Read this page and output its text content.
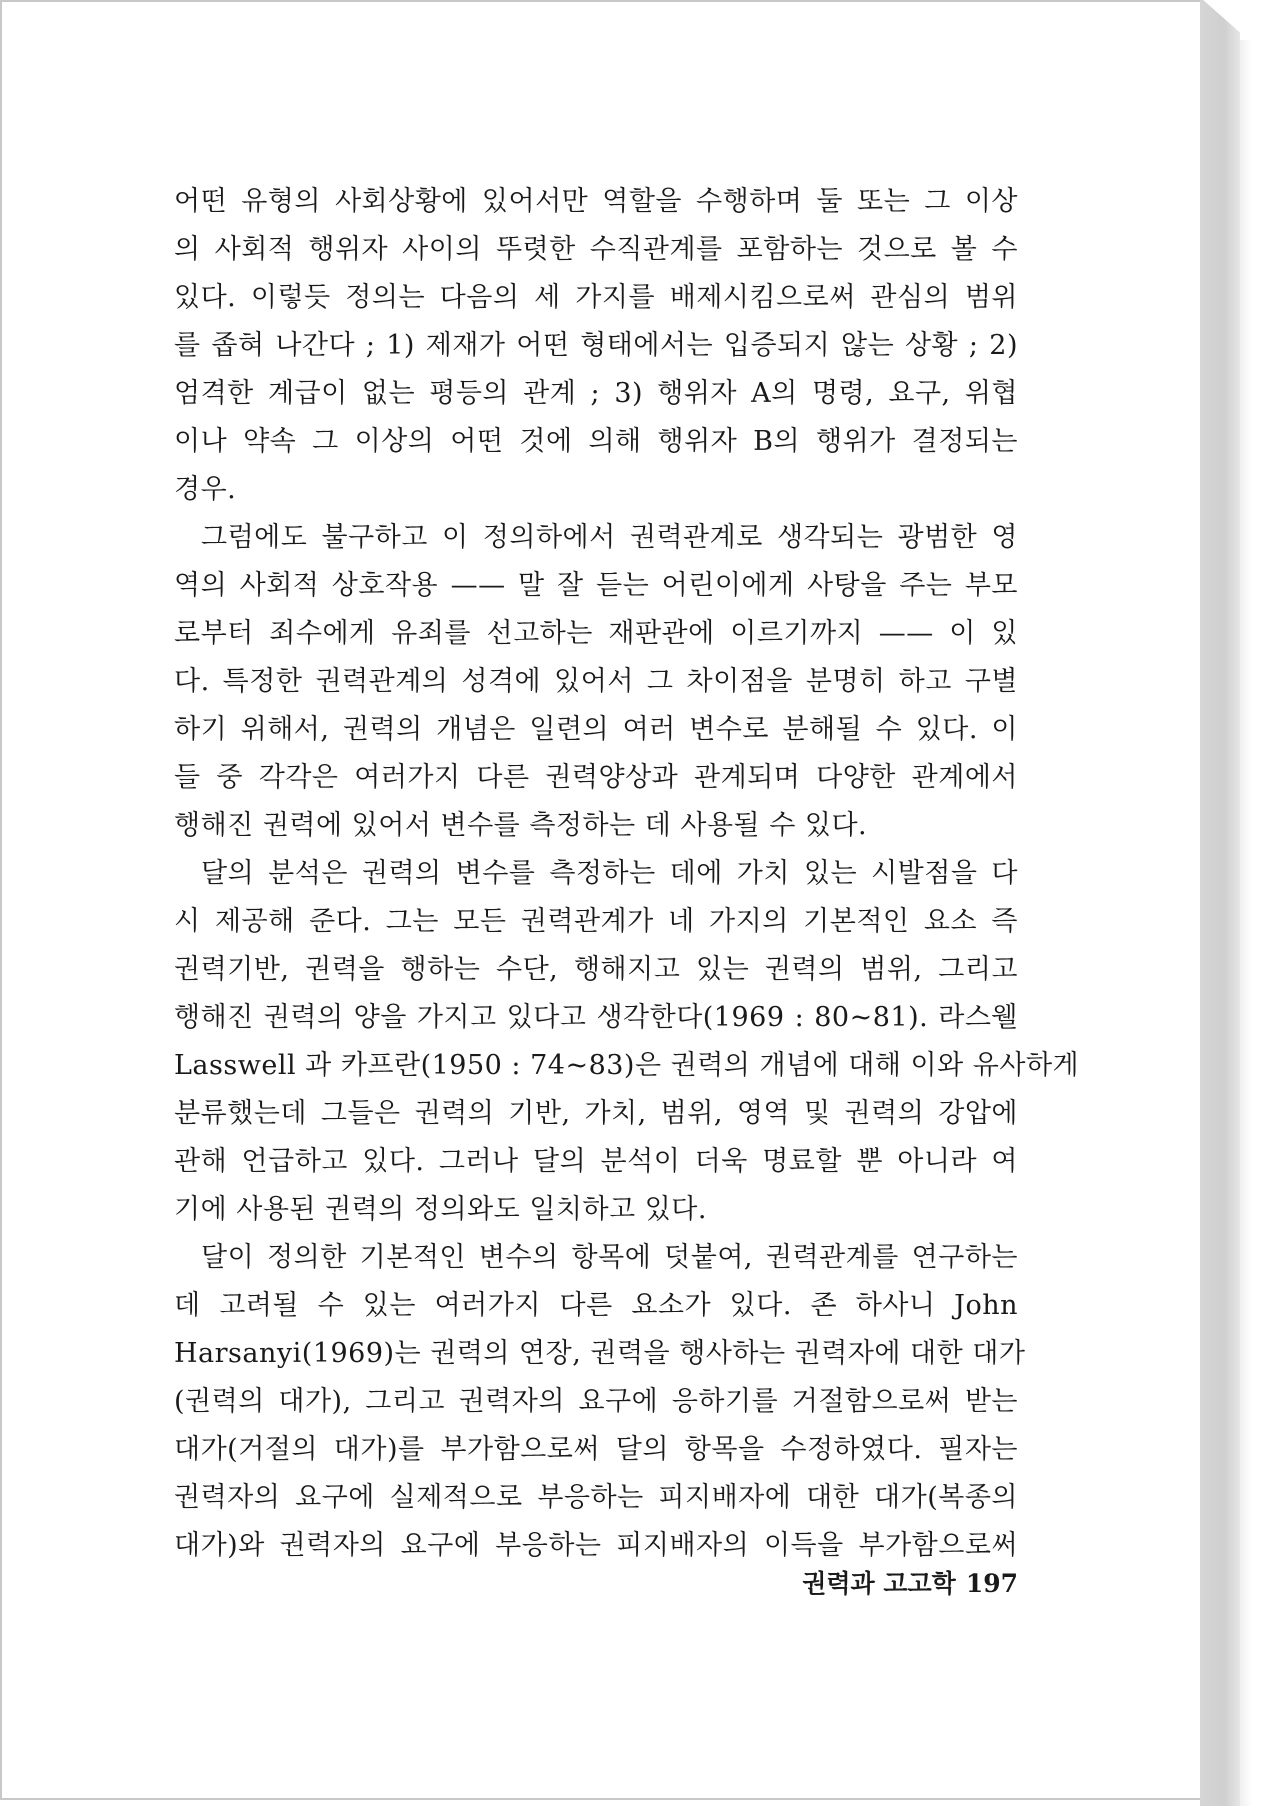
어떤 유형의 사회상황에 있어서만 역할을 수행하며 둘 또는 그 이상
의 사회적 행위자 사이의 뚜렷한 수직관계를 포함하는 것으로 볼 수
있다. 이렇듯 정의는 다음의 세 가지를 배제시킴으로써 관심의 범위
를 좁혀 나간다 ; 1) 제재가 어떤 형태에서는 입증되지 않는 상황 ; 2)
엄격한 계급이 없는 평등의 관계 ; 3) 행위자 A의 명령, 요구, 위협
이나 약속 그 이상의 어떤 것에 의해 행위자 B의 행위가 결정되는
경우.
그럼에도 불구하고 이 정의하에서 권력관계로 생각되는 광범한 영
역의 사회적 상호작용 —— 말 잘 듣는 어린이에게 사탕을 주는 부모
로부터 죄수에게 유죄를 선고하는 재판관에 이르기까지 —— 이 있
다. 특정한 권력관계의 성격에 있어서 그 차이점을 분명히 하고 구별
하기 위해서, 권력의 개념은 일련의 여러 변수로 분해될 수 있다. 이
들 중 각각은 여러가지 다른 권력양상과 관계되며 다양한 관계에서
행해진 권력에 있어서 변수를 측정하는 데 사용될 수 있다.
달의 분석은 권력의 변수를 측정하는 데에 가치 있는 시발점을 다
시 제공해 준다. 그는 모든 권력관계가 네 가지의 기본적인 요소 즉
권력기반, 권력을 행하는 수단, 행해지고 있는 권력의 범위, 그리고
행해진 권력의 양을 가지고 있다고 생각한다(1969 : 80~81). 라스웰
Lasswell 과 카프란(1950 : 74~83)은 권력의 개념에 대해 이와 유사하게
분류했는데 그들은 권력의 기반, 가치, 범위, 영역 및 권력의 강압에
관해 언급하고 있다. 그러나 달의 분석이 더욱 명료할 뿐 아니라 여
기에 사용된 권력의 정의와도 일치하고 있다.
달이 정의한 기본적인 변수의 항목에 덧붙여, 권력관계를 연구하는
데 고려될 수 있는 여러가지 다른 요소가 있다. 존 하사니 John
Harsanyi(1969)는 권력의 연장, 권력을 행사하는 권력자에 대한 대가
(권력의 대가), 그리고 권력자의 요구에 응하기를 거절함으로써 받는
대가(거절의 대가)를 부가함으로써 달의 항목을 수정하였다. 필자는
권력자의 요구에 실제적으로 부응하는 피지배자에 대한 대가(복종의
대가)와 권력자의 요구에 부응하는 피지배자의 이득을 부가함으로써
권력과 고고학 197
